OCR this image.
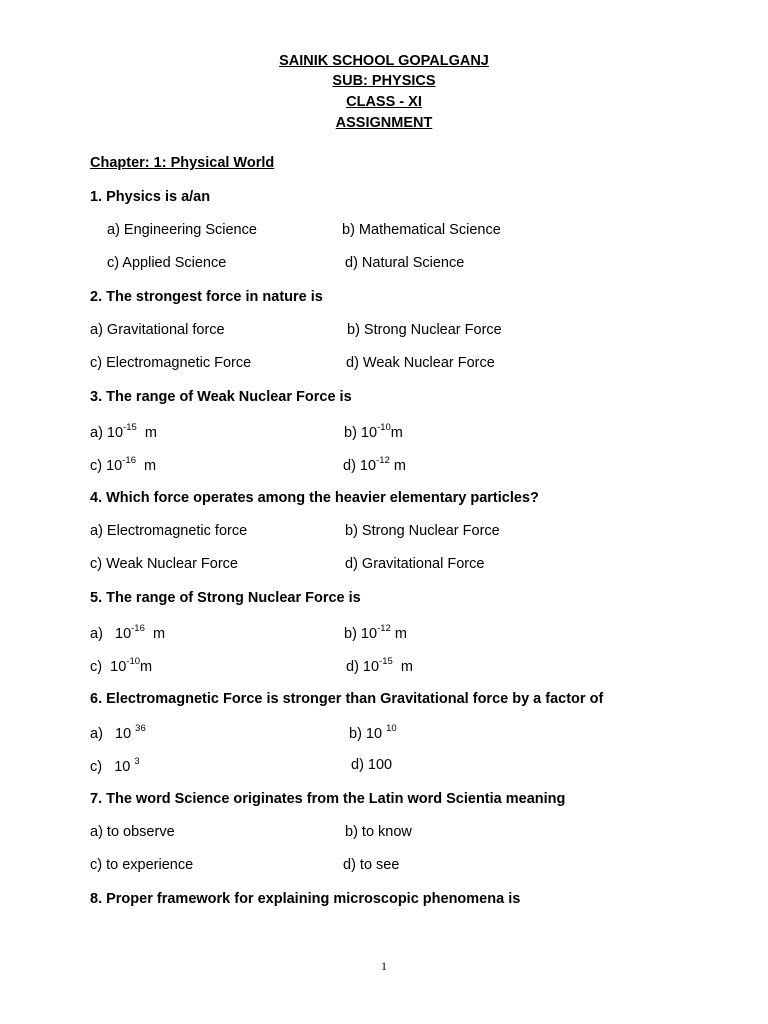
SAINIK SCHOOL GOPALGANJ
SUB: PHYSICS
CLASS - XI
ASSIGNMENT
Chapter: 1: Physical World
1. Physics is a/an
a) Engineering Science	b) Mathematical Science
c) Applied Science	d) Natural Science
2. The strongest force in nature is
a) Gravitational force	b) Strong Nuclear Force
c) Electromagnetic Force	d) Weak Nuclear Force
3. The range of Weak Nuclear Force is
a) $10^{-15}$ m	b) $10^{-10}m$
c) $10^{-16}$ m	d) $10^{-12}$ m
4. Which force operates among the heavier elementary particles?
a) Electromagnetic force	b) Strong Nuclear Force
c) Weak Nuclear Force	d) Gravitational Force
5. The range of Strong Nuclear Force is
a) $10^{-16}$ m	b) $10^{-12}$ m
c) $10^{-10}m$	d) $10^{-15}$ m
6. Electromagnetic Force is stronger than Gravitational force by a factor of
a) 10 $^{36}$	b) 10 $^{10}$
c) 10 $^3$	d) 100
7. The word Science originates from the Latin word Scientia meaning
a) to observe	b) to know
c) to experience	d) to see
8. Proper framework for explaining microscopic phenomena is
1
